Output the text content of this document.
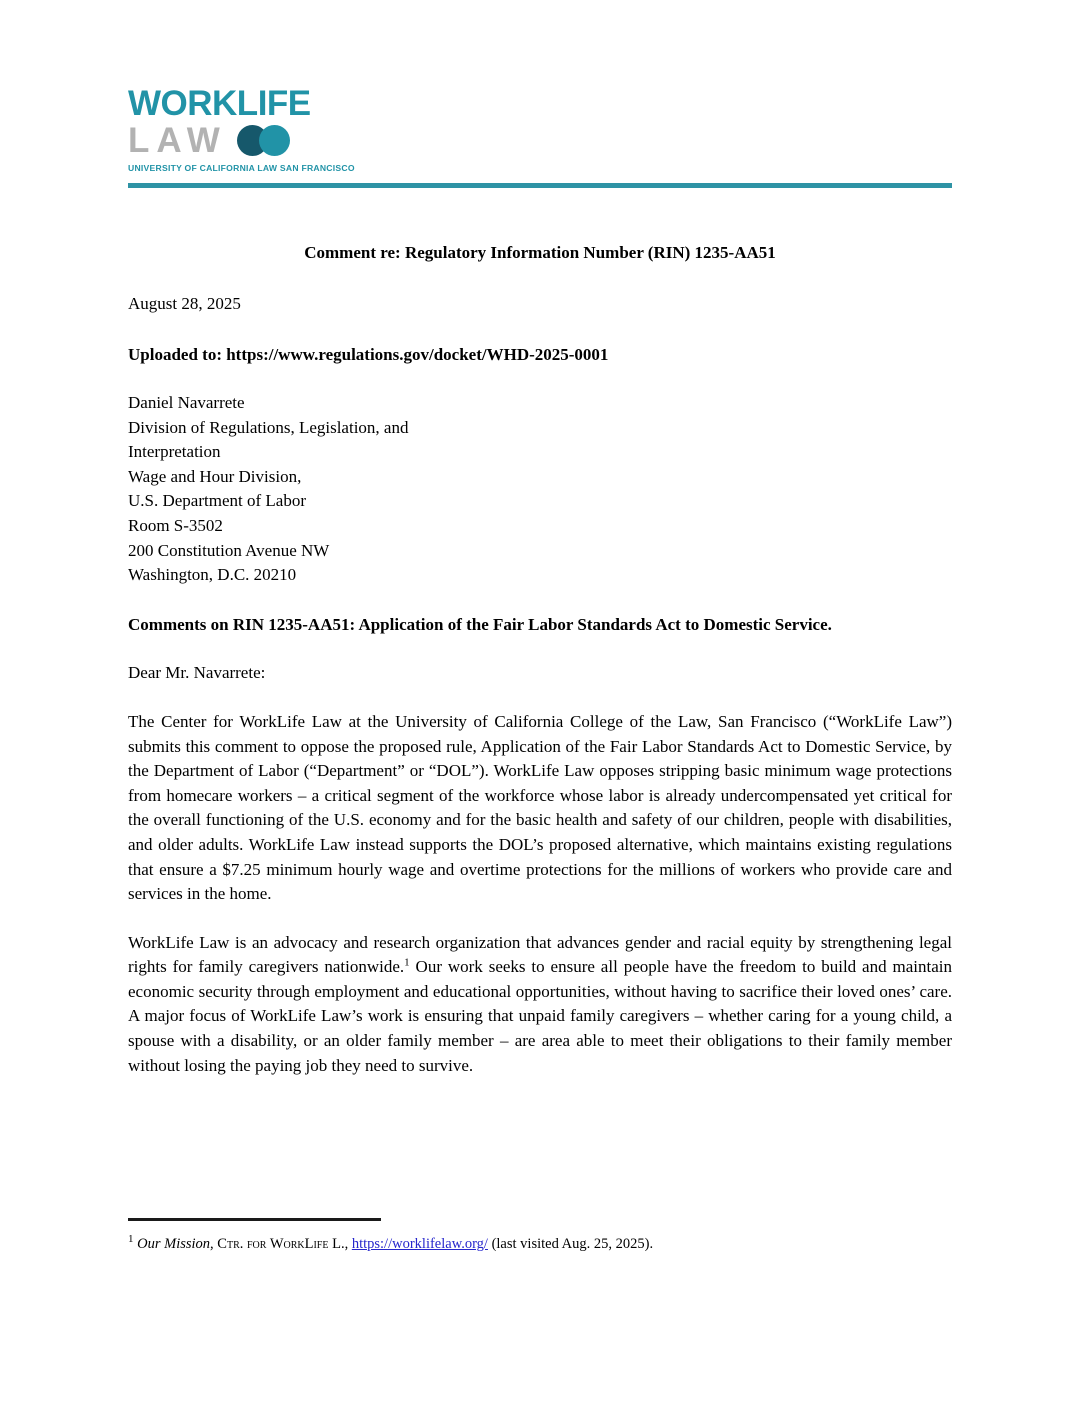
WORKLIFE
LAW
UNIVERSITY OF CALIFORNIA LAW SAN FRANCISCO
Comment re: Regulatory Information Number (RIN) 1235-AA51
August 28, 2025
Uploaded to: https://www.regulations.gov/docket/WHD-2025-0001
Daniel Navarrete
Division of Regulations, Legislation, and
Interpretation
Wage and Hour Division,
U.S. Department of Labor
Room S-3502
200 Constitution Avenue NW
Washington, D.C. 20210
Comments on RIN 1235-AA51: Application of the Fair Labor Standards Act to Domestic Service.
Dear Mr. Navarrete:
The Center for WorkLife Law at the University of California College of the Law, San Francisco (“WorkLife Law”) submits this comment to oppose the proposed rule, Application of the Fair Labor Standards Act to Domestic Service, by the Department of Labor (“Department” or “DOL”). WorkLife Law opposes stripping basic minimum wage protections from homecare workers – a critical segment of the workforce whose labor is already undercompensated yet critical for the overall functioning of the U.S. economy and for the basic health and safety of our children, people with disabilities, and older adults. WorkLife Law instead supports the DOL’s proposed alternative, which maintains existing regulations that ensure a $7.25 minimum hourly wage and overtime protections for the millions of workers who provide care and services in the home.
WorkLife Law is an advocacy and research organization that advances gender and racial equity by strengthening legal rights for family caregivers nationwide.$^1$ Our work seeks to ensure all people have the freedom to build and maintain economic security through employment and educational opportunities, without having to sacrifice their loved ones’ care. A major focus of WorkLife Law’s work is ensuring that unpaid family caregivers – whether caring for a young child, a spouse with a disability, or an older family member – are area able to meet their obligations to their family member without losing the paying job they need to survive.
$^1$ Our Mission, Ctr. for WorkLife L., https://worklifelaw.org/ (last visited Aug. 25, 2025).
